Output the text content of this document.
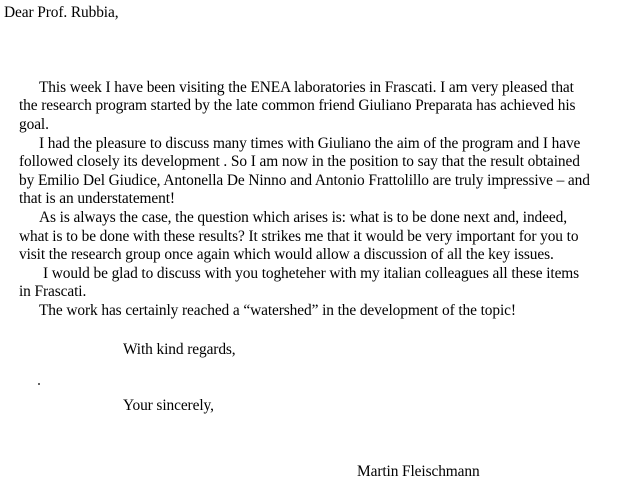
Dear Prof. Rubbia,
This week I have been visiting the ENEA laboratories in Frascati. I am very pleased that
the research program started by the late common friend Giuliano Preparata has achieved his
goal.
I had the pleasure to discuss many times with Giuliano the aim of the program and I have
followed closely its development . So I am now in the position to say that the result obtained
by Emilio Del Giudice, Antonella De Ninno and Antonio Frattolillo are truly impressive – and
that is an understatement!
As is always the case, the question which arises is: what is to be done next and, indeed,
what is to be done with these results? It strikes me that it would be very important for you to
visit the research group once again which would allow a discussion of all the key issues.
I would be glad to discuss with you togheteher with my italian colleagues all these items
in Frascati.
The work has certainly reached a “watershed” in the development of the topic!
With kind regards,
Your sincerely,
Martin Fleischmann
